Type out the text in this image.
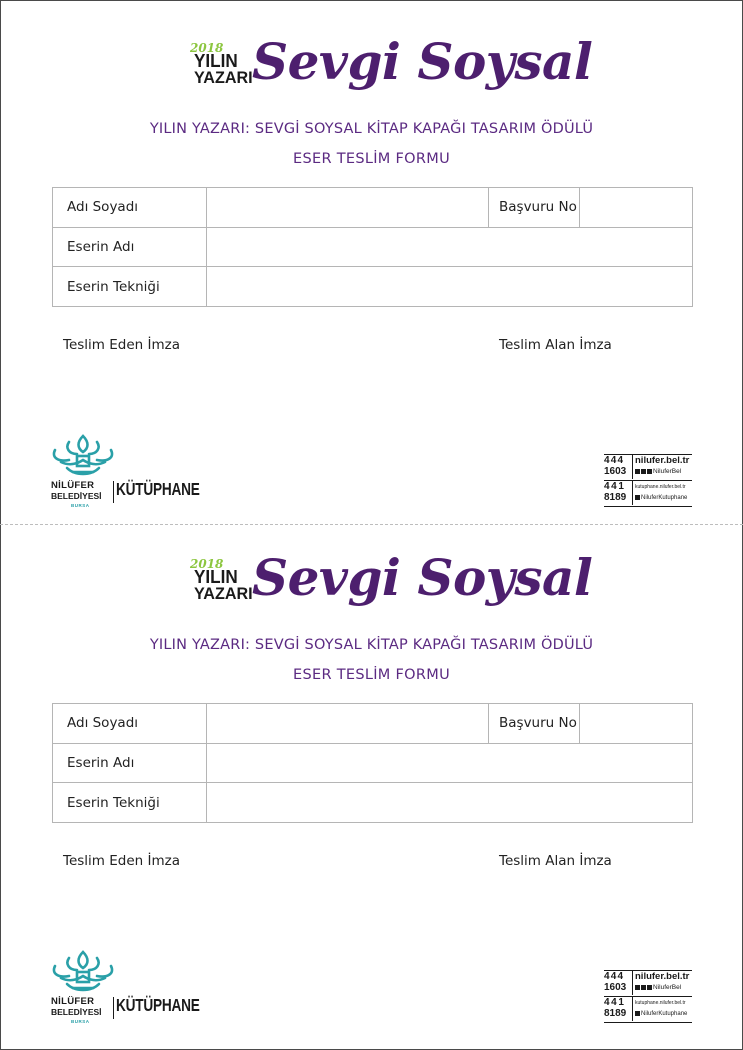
2018
YILIN
YAZARI Sevgi Soysal
YILIN YAZARI: SEVGİ SOYSAL KİTAP KAPAĞI TASARIM ÖDÜLÜ
ESER TESLİM FORMU
Adı Soyadı		Başvuru No	
Eserin Adı			
Eserin Tekniği			
Teslim Eden İmza	Teslim Alan İmza
NİLÜFER
BELEDİYESİ
BURSA
KÜTÜPHANE
444
1603
nilufer.bel.tr
NiluferBel
441
8189
kutuphane.nilufer.bel.tr
NiluferKutuphane
2018
YILIN
YAZARI Sevgi Soysal
YILIN YAZARI: SEVGİ SOYSAL KİTAP KAPAĞI TASARIM ÖDÜLÜ
ESER TESLİM FORMU
Adı Soyadı		Başvuru No	
Eserin Adı			
Eserin Tekniği			
Teslim Eden İmza	Teslim Alan İmza
NİLÜFER
BELEDİYESİ
BURSA
KÜTÜPHANE
444
1603
nilufer.bel.tr
NiluferBel
441
8189
kutuphane.nilufer.bel.tr
NiluferKutuphane
